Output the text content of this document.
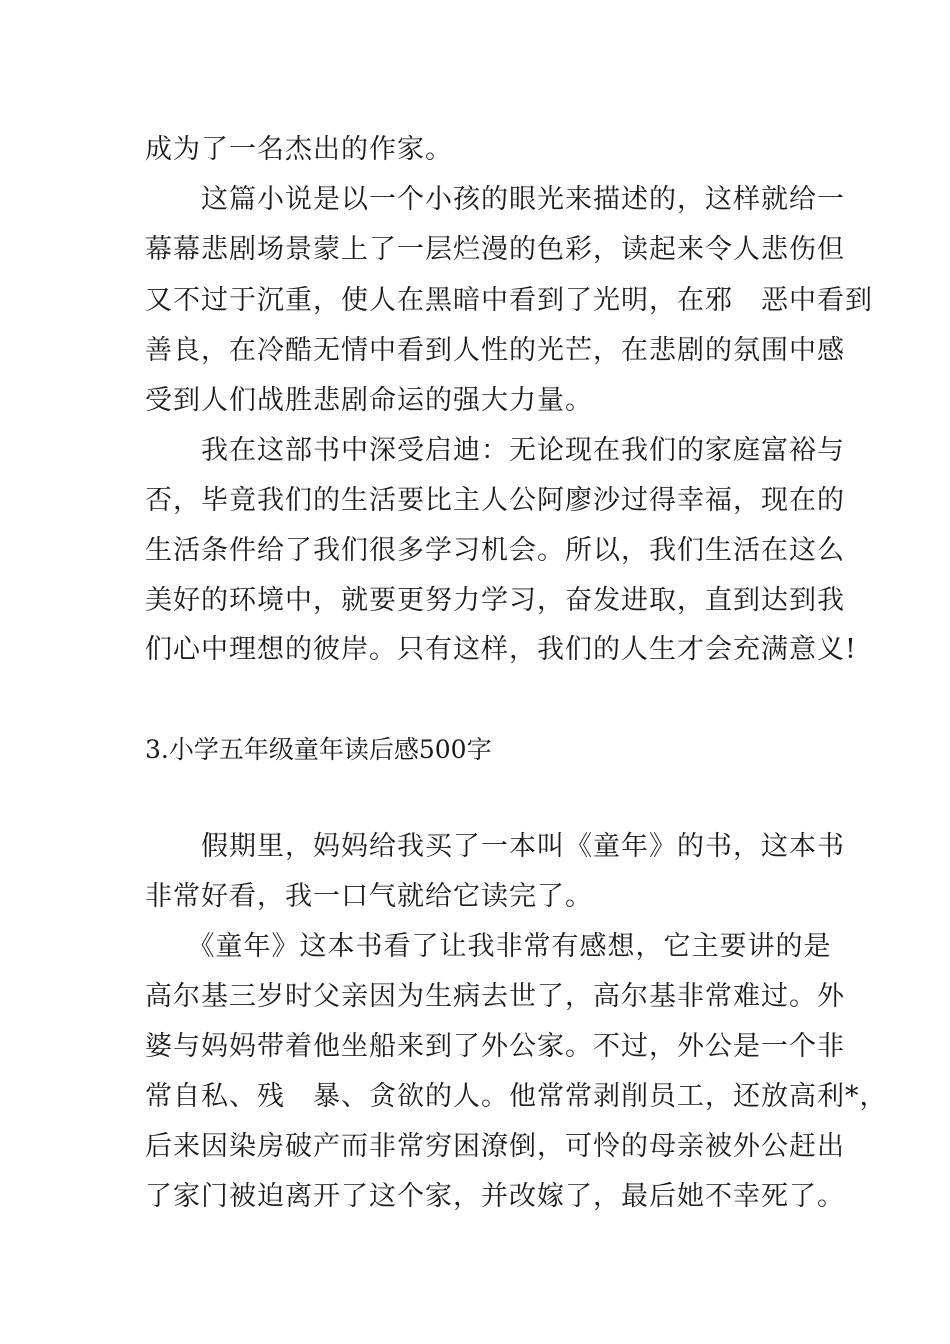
成为了一名杰出的作家。
　　这篇小说是以一个小孩的眼光来描述的，这样就给一
幕幕悲剧场景蒙上了一层烂漫的色彩，读起来令人悲伤但
又不过于沉重，使人在黑暗中看到了光明，在邪　恶中看到
善良，在冷酷无情中看到人性的光芒，在悲剧的氛围中感
受到人们战胜悲剧命运的强大力量。
　　我在这部书中深受启迪：无论现在我们的家庭富裕与
否，毕竟我们的生活要比主人公阿廖沙过得幸福，现在的
生活条件给了我们很多学习机会。所以，我们生活在这么
美好的环境中，就要更努力学习，奋发进取，直到达到我
们心中理想的彼岸。只有这样，我们的人生才会充满意义!
3.小学五年级童年读后感500字
　　假期里，妈妈给我买了一本叫《童年》的书，这本书
非常好看，我一口气就给它读完了。
　　《童年》这本书看了让我非常有感想，它主要讲的是
高尔基三岁时父亲因为生病去世了，高尔基非常难过。外
婆与妈妈带着他坐船来到了外公家。不过，外公是一个非
常自私、残　暴、贪欲的人。他常常剥削员工，还放高利*，
后来因染房破产而非常穷困潦倒，可怜的母亲被外公赶出
了家门被迫离开了这个家，并改嫁了，最后她不幸死了。
